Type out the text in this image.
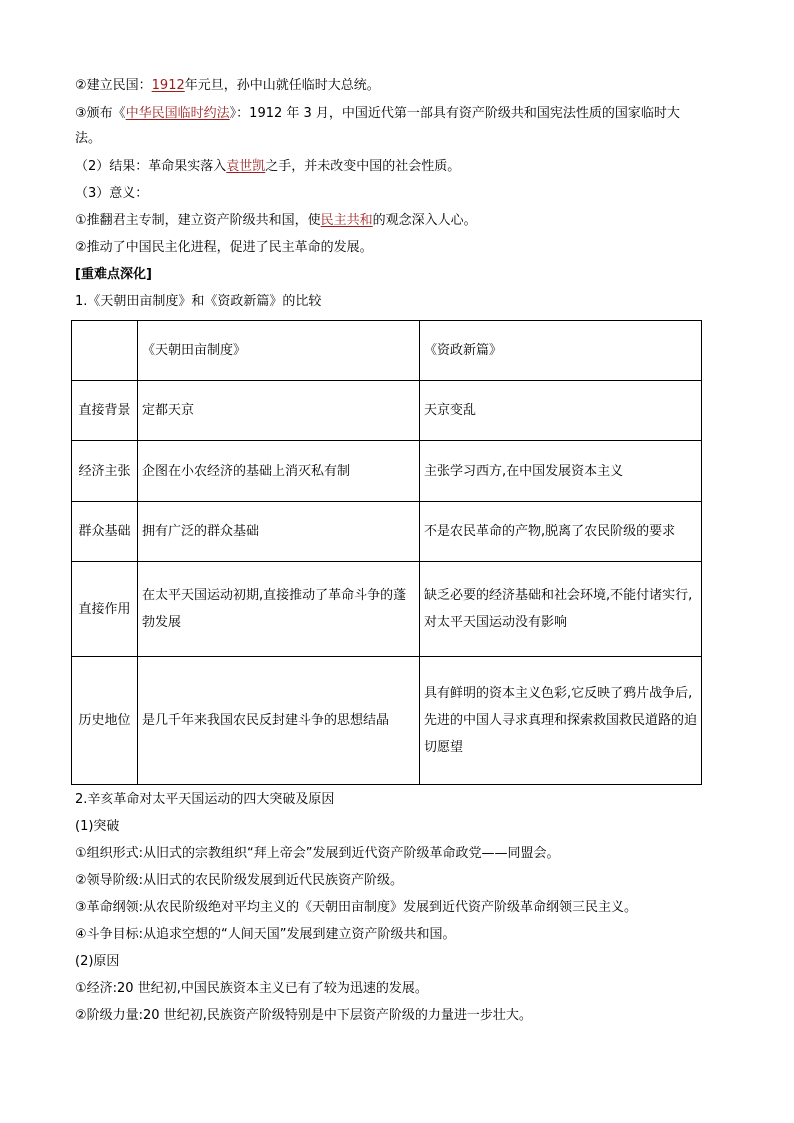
②建立民国：1912年元旦，孙中山就任临时大总统。
③颁布《中华民国临时约法》：1912 年 3 月，中国近代第一部具有资产阶级共和国宪法性质的国家临时大
法。
（2）结果：革命果实落入袁世凯之手，并未改变中国的社会性质。
（3）意义：
①推翻君主专制，建立资产阶级共和国，使民主共和的观念深入人心。
②推动了中国民主化进程，促进了民主革命的发展。
[重难点深化]
1.《天朝田亩制度》和《资政新篇》的比较
	《天朝田亩制度》	《资政新篇》
直接背景	定都天京	天京变乱
经济主张	企图在小农经济的基础上消灭私有制	主张学习西方,在中国发展资本主义
群众基础	拥有广泛的群众基础	不是农民革命的产物,脱离了农民阶级的要求
直接作用	在太平天国运动初期,直接推动了革命斗争的蓬勃发展	缺乏必要的经济基础和社会环境,不能付诸实行,对太平天国运动没有影响
历史地位	是几千年来我国农民反封建斗争的思想结晶	具有鲜明的资本主义色彩,它反映了鸦片战争后,先进的中国人寻求真理和探索救国救民道路的迫切愿望
2.辛亥革命对太平天国运动的四大突破及原因
(1)突破
①组织形式:从旧式的宗教组织“拜上帝会”发展到近代资产阶级革命政党——同盟会。
②领导阶级:从旧式的农民阶级发展到近代民族资产阶级。
③革命纲领:从农民阶级绝对平均主义的《天朝田亩制度》发展到近代资产阶级革命纲领三民主义。
④斗争目标:从追求空想的“人间天国”发展到建立资产阶级共和国。
(2)原因
①经济:20 世纪初,中国民族资本主义已有了较为迅速的发展。
②阶级力量:20 世纪初,民族资产阶级特别是中下层资产阶级的力量进一步壮大。
